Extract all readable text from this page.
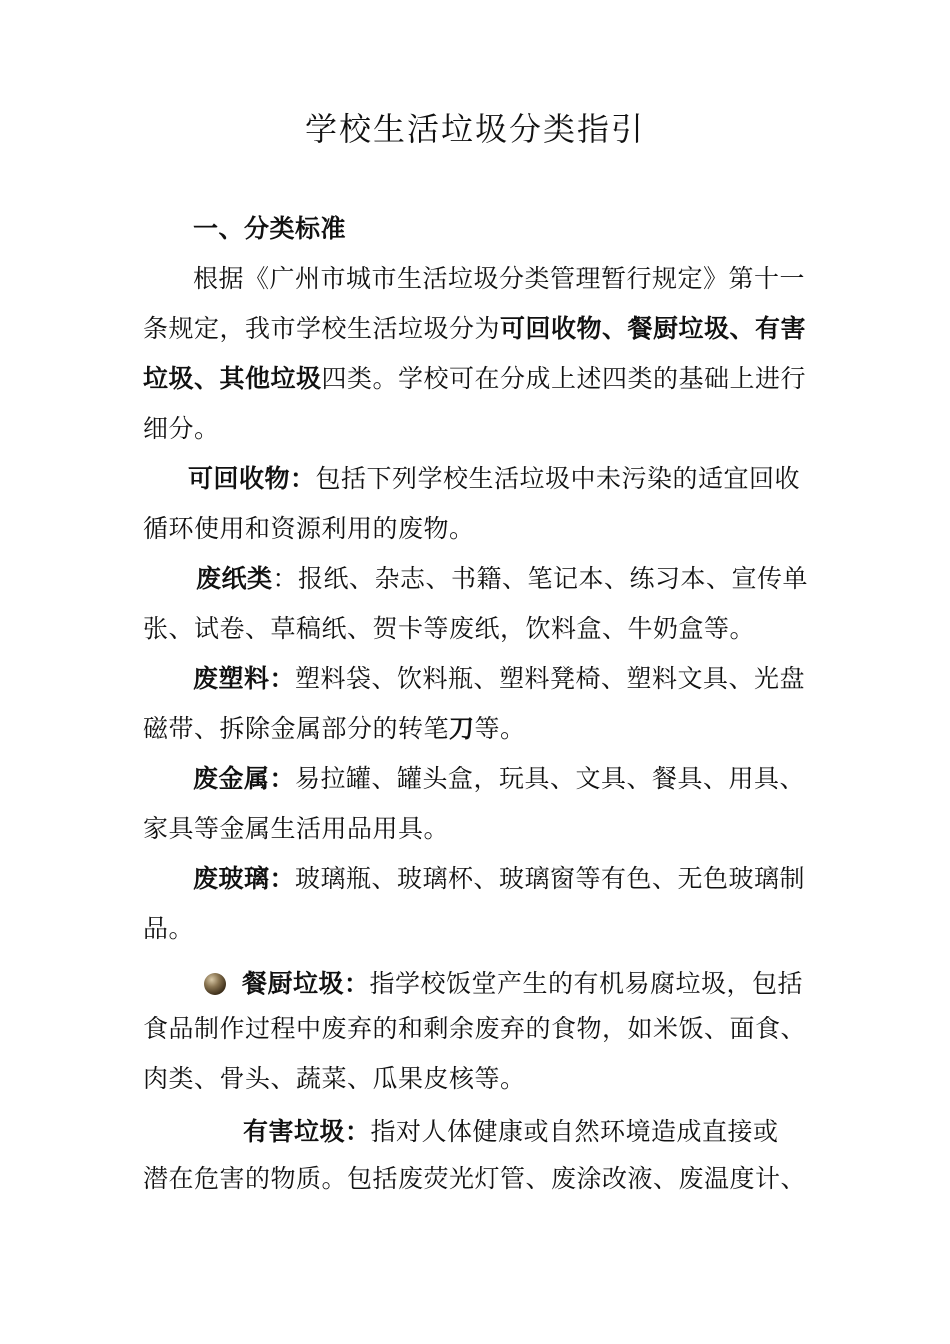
学校生活垃圾分类指引
一、分类标准
根据《广州市城市生活垃圾分类管理暂行规定》第十一
条规定，我市学校生活垃圾分为可回收物、餐厨垃圾、有害
垃圾、其他垃圾四类。学校可在分成上述四类的基础上进行
细分。
可回收物：包括下列学校生活垃圾中未污染的适宜回收
循环使用和资源利用的废物。
废纸类：报纸、杂志、书籍、笔记本、练习本、宣传单
张、试卷、草稿纸、贺卡等废纸，饮料盒、牛奶盒等。
废塑料：塑料袋、饮料瓶、塑料凳椅、塑料文具、光盘
磁带、拆除金属部分的转笔刀等。
废金属：易拉罐、罐头盒，玩具、文具、餐具、用具、
家具等金属生活用品用具。
废玻璃：玻璃瓶、玻璃杯、玻璃窗等有色、无色玻璃制
品。
餐厨垃圾：指学校饭堂产生的有机易腐垃圾，包括
食品制作过程中废弃的和剩余废弃的食物，如米饭、面食、
肉类、骨头、蔬菜、瓜果皮核等。
有害垃圾：指对人体健康或自然环境造成直接或
潜在危害的物质。包括废荧光灯管、废涂改液、废温度计、
